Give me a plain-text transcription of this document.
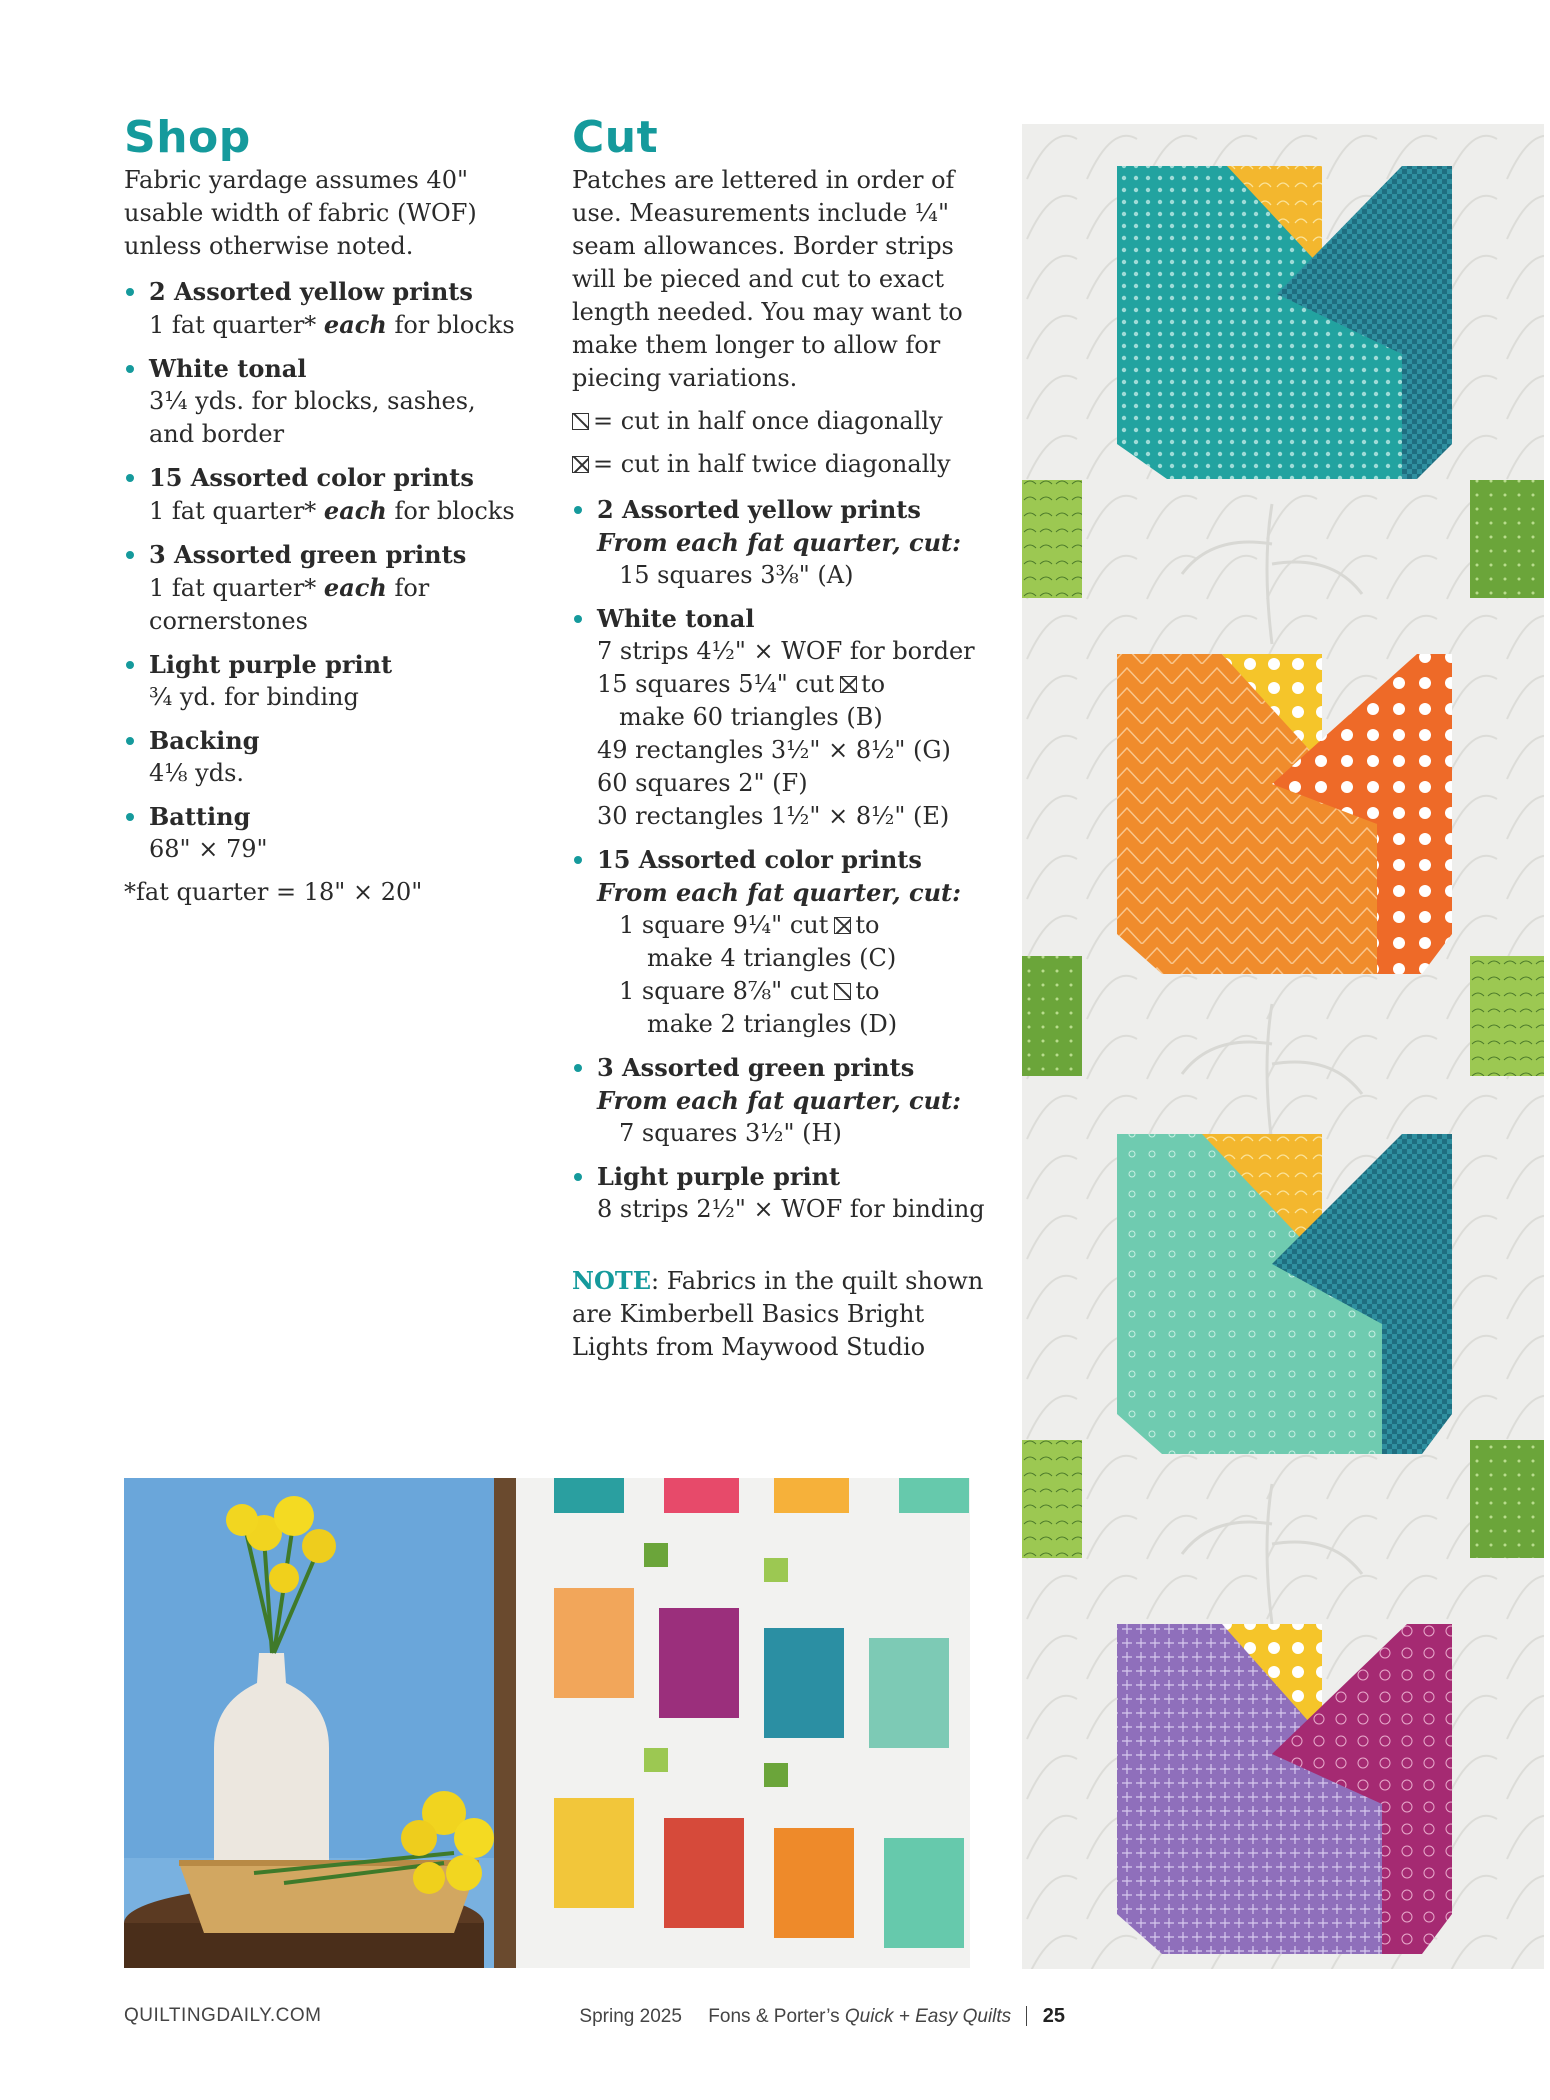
Shop

Fabric yardage assumes 40" usable width of fabric (WOF) unless otherwise noted.

2 Assorted yellow prints
1 fat quarter* each for blocks
White tonal
3¼ yds. for blocks, sashes,
and border
15 Assorted color prints
1 fat quarter* each for blocks
3 Assorted green prints
1 fat quarter* each for
cornerstones
Light purple print
¾ yd. for binding
Backing
4⅛ yds.
Batting
68" × 79"

*fat quarter = 18" × 20"

Cut

Patches are lettered in order of use. Measurements include ¼" seam allowances. Border strips will be pieced and cut to exact length needed. You may want to make them longer to allow for piecing variations.

= cut in half once diagonally

= cut in half twice diagonally

2 Assorted yellow prints
From each fat quarter, cut:
15 squares 3⅜" (A)
White tonal
7 strips 4½" × WOF for border
15 squares 5¼" cut to
make 60 triangles (B)
49 rectangles 3½" × 8½" (G)
60 squares 2" (F)
30 rectangles 1½" × 8½" (E)
15 Assorted color prints
From each fat quarter, cut:
1 square 9¼" cut to
make 4 triangles (C)
1 square 8⅞" cut to
make 2 triangles (D)
3 Assorted green prints
From each fat quarter, cut:
7 squares 3½" (H)
Light purple print
8 strips 2½" × WOF for binding

NOTE: Fabrics in the quilt shown are Kimberbell Basics Bright Lights from Maywood Studio

QUILTINGDAILY.COM	Spring 2025 Fons & Porter’s Quick + Easy Quilts 25
